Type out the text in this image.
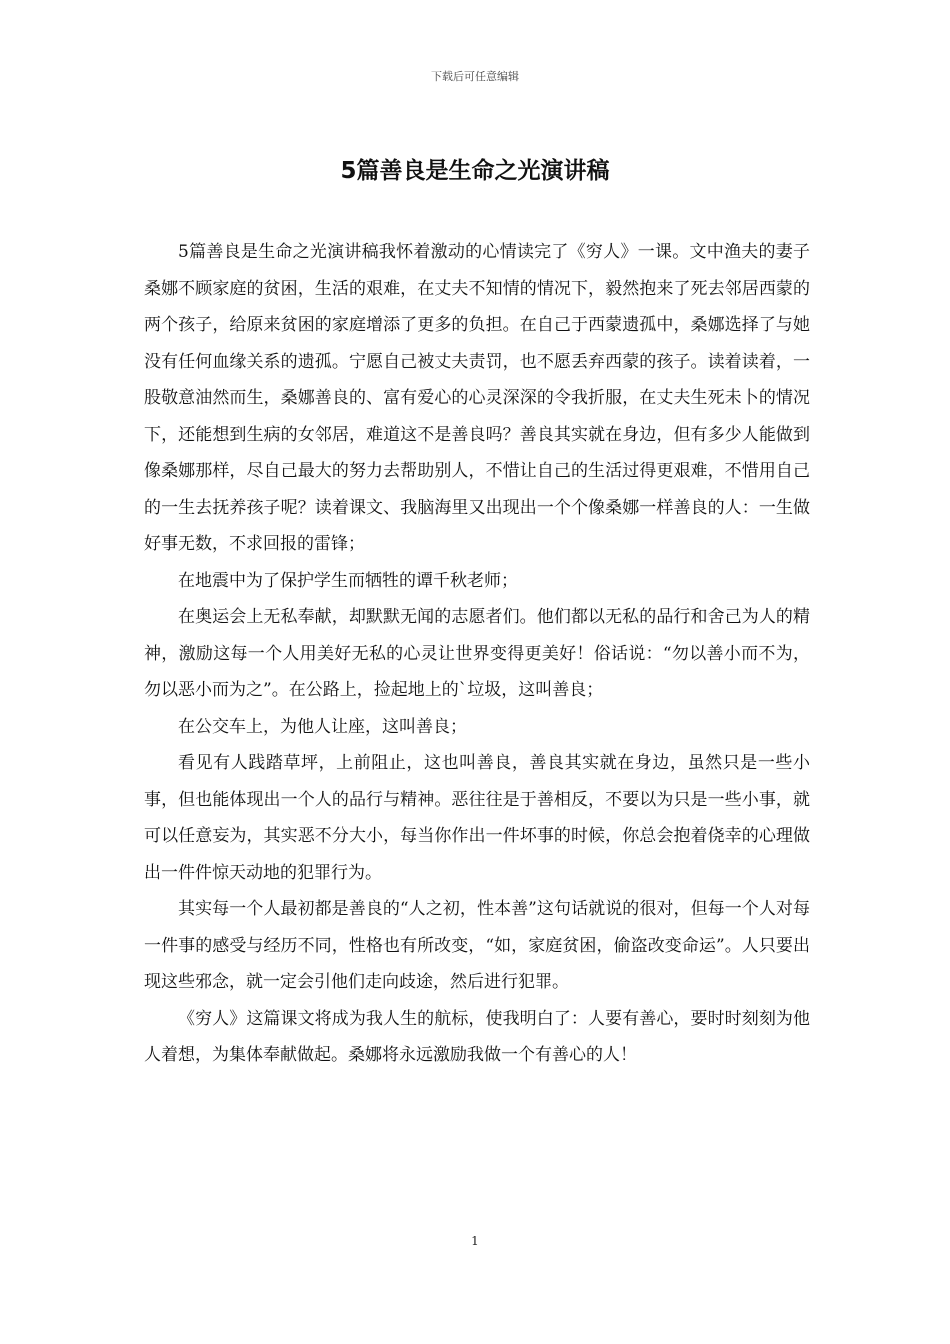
下载后可任意编辑
5篇善良是生命之光演讲稿

5篇善良是生命之光演讲稿我怀着激动的心情读完了《穷人》一课。文中渔夫的妻子桑娜不顾家庭的贫困，生活的艰难，在丈夫不知情的情况下，毅然抱来了死去邻居西蒙的两个孩子，给原来贫困的家庭增添了更多的负担。在自己于西蒙遗孤中，桑娜选择了与她没有任何血缘关系的遗孤。宁愿自己被丈夫责罚，也不愿丢弃西蒙的孩子。读着读着，一股敬意油然而生，桑娜善良的、富有爱心的心灵深深的令我折服，在丈夫生死未卜的情况下，还能想到生病的女邻居，难道这不是善良吗？善良其实就在身边，但有多少人能做到像桑娜那样，尽自己最大的努力去帮助别人，不惜让自己的生活过得更艰难，不惜用自己的一生去抚养孩子呢？读着课文、我脑海里又出现出一个个像桑娜一样善良的人：一生做好事无数，不求回报的雷锋；

在地震中为了保护学生而牺牲的谭千秋老师；

在奥运会上无私奉献，却默默无闻的志愿者们。他们都以无私的品行和舍己为人的精神，激励这每一个人用美好无私的心灵让世界变得更美好！俗话说：“勿以善小而不为，勿以恶小而为之”。在公路上，捡起地上的`垃圾，这叫善良；

在公交车上，为他人让座，这叫善良；

看见有人践踏草坪，上前阻止，这也叫善良，善良其实就在身边，虽然只是一些小事，但也能体现出一个人的品行与精神。恶往往是于善相反，不要以为只是一些小事，就可以任意妄为，其实恶不分大小，每当你作出一件坏事的时候，你总会抱着侥幸的心理做出一件件惊天动地的犯罪行为。

其实每一个人最初都是善良的“人之初，性本善”这句话就说的很对，但每一个人对每一件事的感受与经历不同，性格也有所改变，“如，家庭贫困，偷盗改变命运”。人只要出现这些邪念，就一定会引他们走向歧途，然后进行犯罪。

《穷人》这篇课文将成为我人生的航标，使我明白了：人要有善心，要时时刻刻为他人着想，为集体奉献做起。桑娜将永远激励我做一个有善心的人！

1
